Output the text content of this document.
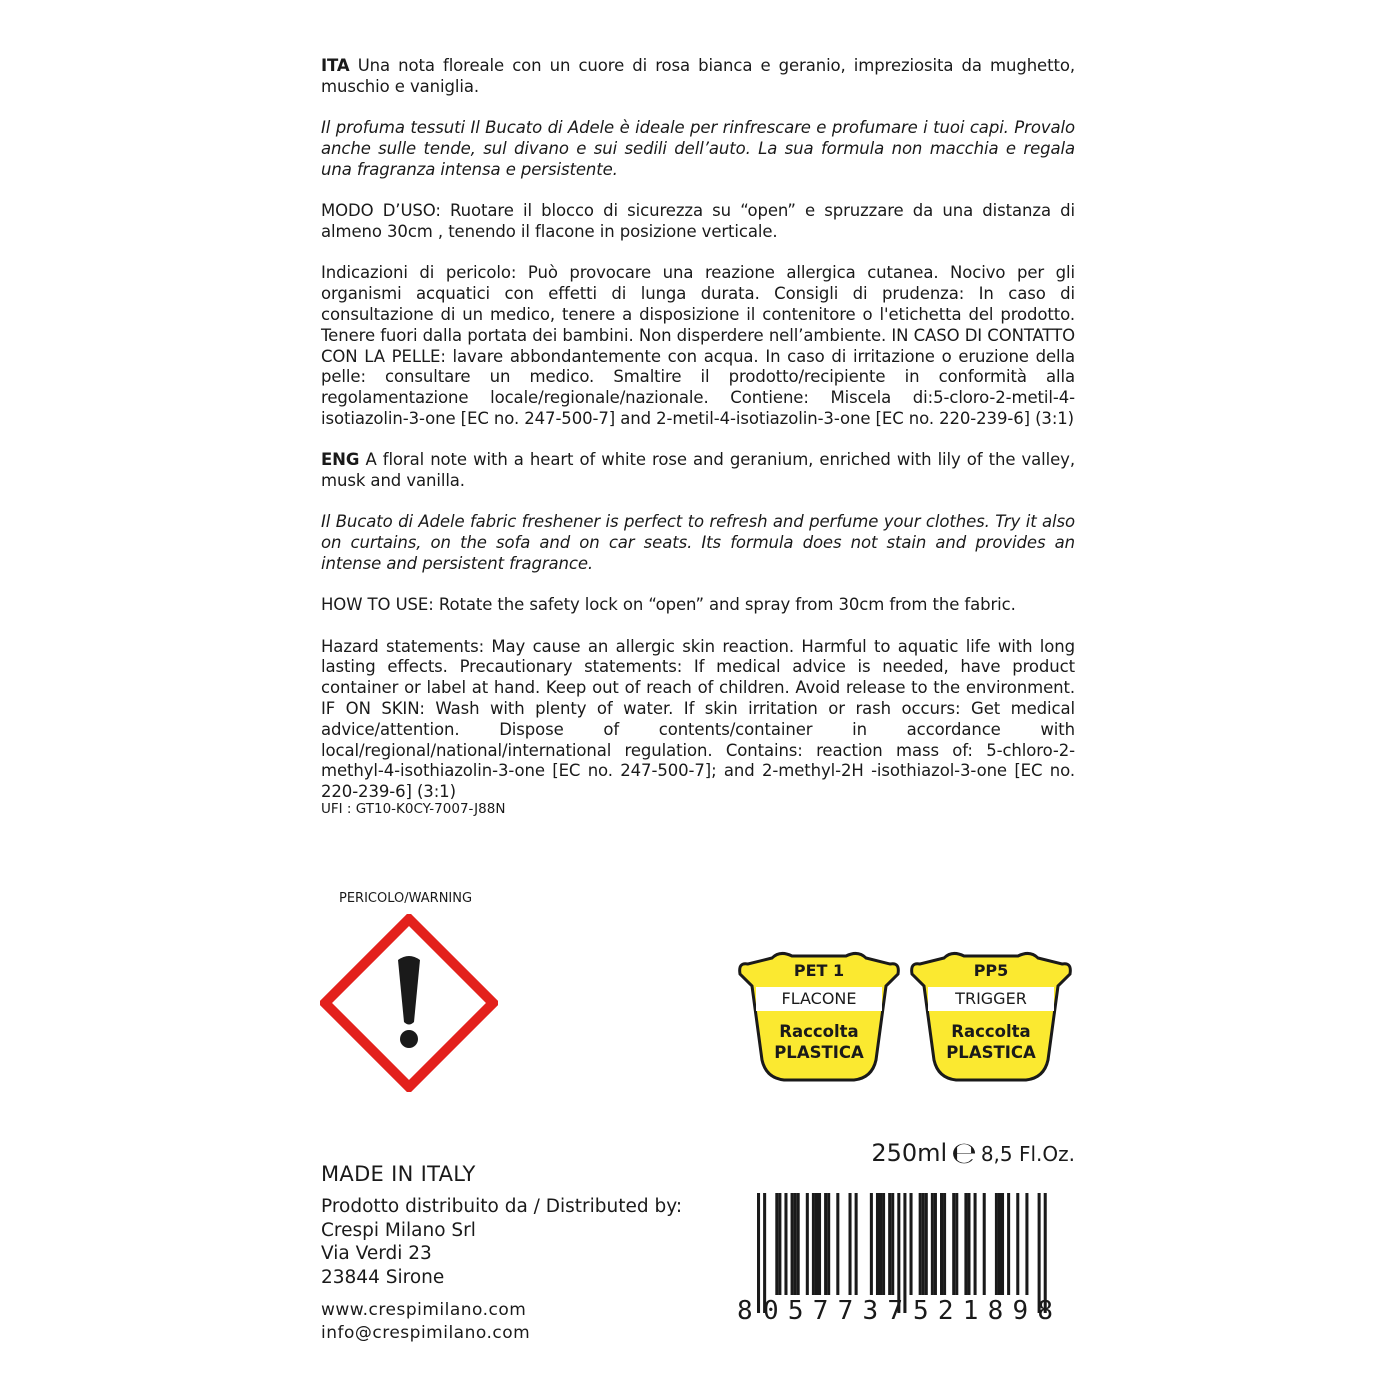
ITA Una nota floreale con un cuore di rosa bianca e geranio, impreziosita da mughetto, muschio e vaniglia.

Il profuma tessuti Il Bucato di Adele è ideale per rinfrescare e profumare i tuoi capi. Provalo anche sulle tende, sul divano e sui sedili dell’auto. La sua formula non macchia e regala una fragranza intensa e persistente.

MODO D’USO: Ruotare il blocco di sicurezza su “open” e spruzzare da una distanza di almeno 30cm , tenendo il flacone in posizione verticale.

Indicazioni di pericolo: Può provocare una reazione allergica cutanea. Nocivo per gli organismi acquatici con effetti di lunga durata. Consigli di prudenza: In caso di consultazione di un medico, tenere a disposizione il contenitore o l'etichetta del prodotto. Tenere fuori dalla portata dei bambini. Non disperdere nell’ambiente. IN CASO DI CONTATTO CON LA PELLE: lavare abbondantemente con acqua. In caso di irritazione o eruzione della pelle: consultare un medico. Smaltire il prodotto/recipiente in conformità alla regolamentazione locale/regionale/nazionale. Contiene: Miscela di:5-cloro-2-metil-4-isotiazolin-3-one [EC no. 247-500-7] and 2-metil-4-isotiazolin-3-one [EC no. 220-239-6] (3:1)

ENG A floral note with a heart of white rose and geranium, enriched with lily of the valley, musk and vanilla.

Il Bucato di Adele fabric freshener is perfect to refresh and perfume your clothes. Try it also on curtains, on the sofa and on car seats. Its formula does not stain and provides an intense and persistent fragrance.

HOW TO USE: Rotate the safety lock on “open” and spray from 30cm from the fabric.

Hazard statements: May cause an allergic skin reaction. Harmful to aquatic life with long lasting effects. Precautionary statements: If medical advice is needed, have product container or label at hand. Keep out of reach of children. Avoid release to the environment. IF ON SKIN: Wash with plenty of water. If skin irritation or rash occurs: Get medical advice/attention. Dispose of contents/container in accordance with local/regional/national/international regulation. Contains: reaction mass of: 5-chloro-2-methyl-4-isothiazolin-3-one [EC no. 247-500-7]; and 2-methyl-2H -isothiazol-3-one [EC no. 220-239-6] (3:1)

UFI : GT10-K0CY-7007-J88N
PERICOLO/WARNING
PET 1
FLACONE
Raccolta
PLASTICA
PP5
TRIGGER
Raccolta
PLASTICA
250ml ℮ 8,5 Fl.Oz.
MADE IN ITALY
Prodotto distribuito da / Distributed by:
Crespi Milano Srl
Via Verdi 23
23844 Sirone
www.crespimilano.com
info@crespimilano.com
8 057737 521898
